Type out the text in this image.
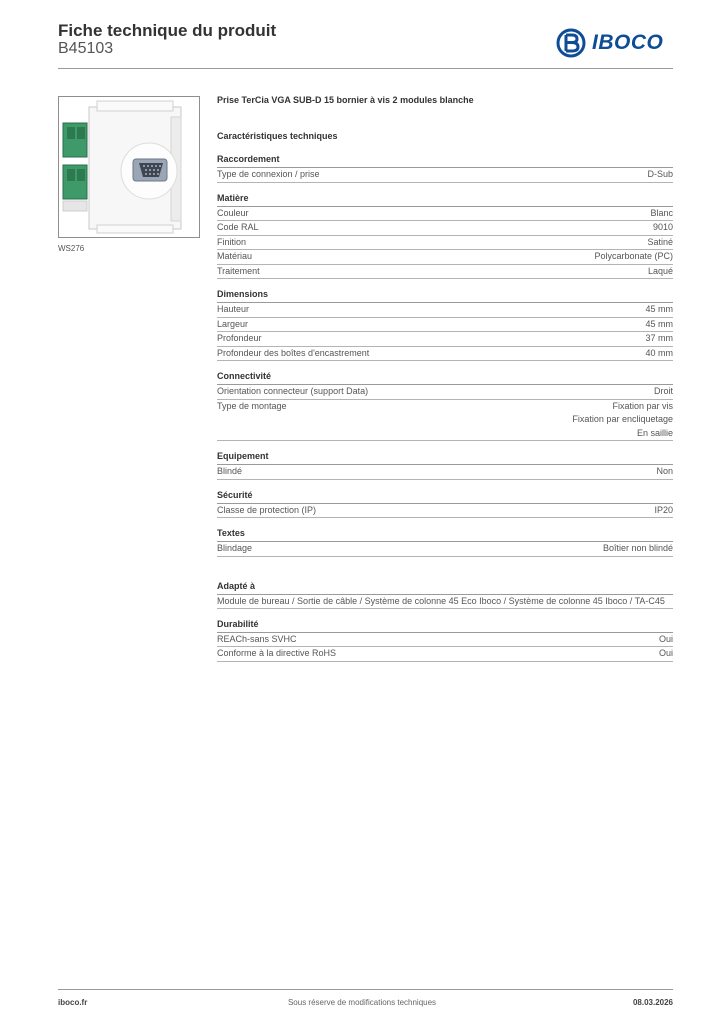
Fiche technique du produit
B45103	IBOCO
WS276
Prise TerCia VGA SUB-D 15 bornier à vis 2 modules blanche
Caractéristiques techniques
Raccordement
Type de connexion / prise	D-Sub
Matière
Couleur	Blanc
Code RAL	9010
Finition	Satiné
Matériau	Polycarbonate (PC)
Traitement	Laqué
Dimensions
Hauteur	45 mm
Largeur	45 mm
Profondeur	37 mm
Profondeur des boîtes d'encastrement	40 mm
Connectivité
Orientation connecteur (support Data)	Droit
Type de montage	Fixation par vis
Fixation par encliquetage
En saillie
Equipement
Blindé	Non
Sécurité
Classe de protection (IP)	IP20
Textes
Blindage	Boîtier non blindé
Adapté à
Module de bureau / Sortie de câble / Système de colonne 45 Eco Iboco / Système de colonne 45 Iboco / TA-C45
Durabilité
REACh-sans SVHC	Oui
Conforme à la directive RoHS	Oui
iboco.fr	Sous réserve de modifications techniques	08.03.2026
